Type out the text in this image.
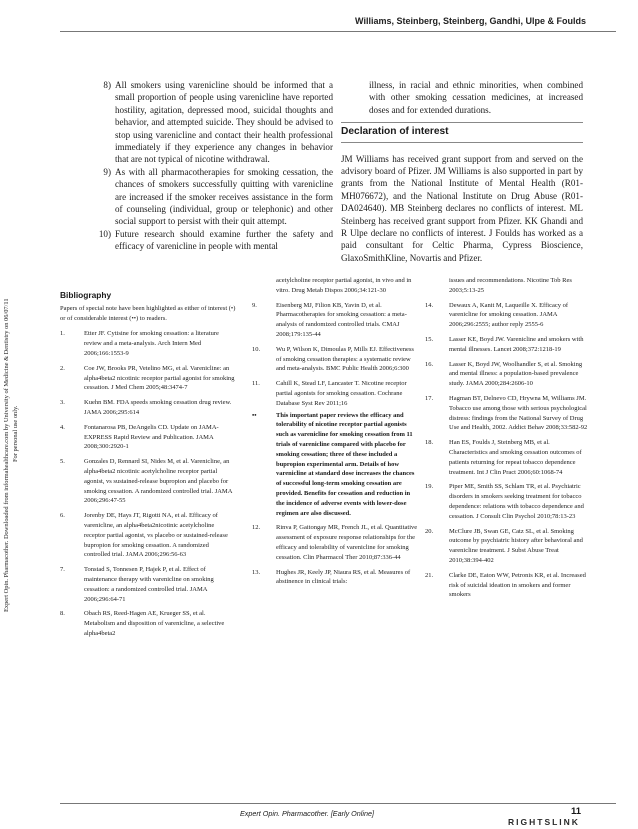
Williams, Steinberg, Steinberg, Gandhi, Ulpe & Foulds
Expert Opin. Pharmacother. Downloaded from informahealthcare.com by University of Medicine & Dentistry on 06/07/11 For personal use only.
8) All smokers using varenicline should be informed that a small proportion of people using varenicline have reported hostility, agitation, depressed mood, suicidal thoughts and behavior, and attempted suicide. They should be advised to stop using varenicline and contact their health professional immediately if they experience any changes in behavior that are not typical of nicotine withdrawal.
9) As with all pharmacotherapies for smoking cessation, the chances of smokers successfully quitting with varenicline are increased if the smoker receives assistance in the form of counseling (individual, group or telephonic) and other social support to persist with their quit attempt.
10) Future research should examine further the safety and efficacy of varenicline in people with mental
illness, in racial and ethnic minorities, when combined with other smoking cessation medicines, at increased doses and for extended durations.
Declaration of interest
JM Williams has received grant support from and served on the advisory board of Pfizer. JM Williams is also supported in part by grants from the National Institute of Mental Health (R01- MH076672), and the National Institute on Drug Abuse (R01-DA024640). MB Steinberg declares no conflicts of interest. ML Steinberg has received grant support from Pfizer. KK Ghandi and R Ulpe declare no conflicts of interest. J Foulds has worked as a paid consultant for Celtic Pharma, Cypress Bioscience, GlaxoSmithKline, Novartis and Pfizer.
Bibliography
Papers of special note have been highlighted as either of interest (•) or of considerable interest (••) to readers.
1.	Etter JF. Cytisine for smoking cessation: a literature review and a meta-analysis. Arch Intern Med 2006;166:1553-9
2.	Coe JW, Brooks PR, Vetelino MG, et al. Varenicline: an alpha4beta2 nicotinic receptor partial agonist for smoking cessation. J Med Chem 2005;48:3474-7
3.	Kuehn BM. FDA speeds smoking cessation drug review. JAMA 2006;295:614
4.	Fontanarosa PB, DeAngelis CD. Update on JAMA-EXPRESS Rapid Review and Publication. JAMA 2008;300:2920-1
5.	Gonzales D, Rennard SI, Nides M, et al. Varenicline, an alpha4beta2 nicotinic acetylcholine receptor partial agonist, vs sustained-release bupropion and placebo for smoking cessation. A randomized controlled trial. JAMA 2006;296:47-55
6.	Jorenby DE, Hays JT, Rigotti NA, et al. Efficacy of varenicline, an alpha4beta2nicotinic acetylcholine receptor partial agonist, vs placebo or sustained-release bupropion for smoking cessation. A randomized controlled trial. JAMA 2006;296:56-63
7.	Tonstad S, Tonnesen P, Hajek P, et al. Effect of maintenance therapy with varenicline on smoking cessation: a randomized controlled trial. JAMA 2006;296:64-71
8.	Obach RS, Reed-Hagen AE, Krueger SS, et al. Metabolism and disposition of varenicline, a selective alpha4beta2
acetylcholine receptor partial agonist, in vivo and in vitro. Drug Metab Dispos 2006;34:121-30
9.	Eisenberg MJ, Filion KB, Yavin D, et al. Pharmacotherapies for smoking cessation: a meta-analysis of randomized controlled trials. CMAJ 2008;179:135-44
10.	Wu P, Wilson K, Dimoulas P, Mills EJ. Effectiveness of smoking cessation therapies: a systematic review and meta-analysis. BMC Public Health 2006;6:300
11.	Cahill K, Stead LF, Lancaster T. Nicotine receptor partial agonists for smoking cessation. Cochrane Database Syst Rev 2011;16
••	This important paper reviews the efficacy and tolerability of nicotine receptor partial agonists such as varenicline for smoking cessation from 11 trials of varenicline compared with placebo for smoking cessation; three of these included a bupropion experimental arm. Details of how varenicline at standard dose increases the chances of successful long-term smoking cessation are provided. Benefits for cessation and reduction in the incidence of adverse events with lower-dose regimen are also discussed.
12.	Rinva P, Gaitongay MR, French JL, et al. Quantitative assessment of exposure response relationships for the efficacy and tolerability of varenicline for smoking cessation. Clin Pharmacol Ther 2010;87:336-44
13.	Hughes JR, Keely JP, Niaura RS, et al. Measures of abstinence in clinical trials:
issues and recommendations. Nicotine Tob Res 2003;5:13-25
14.	Dewaux A, Kanit M, Laqueille X. Efficacy of varenicline for smoking cessation. JAMA 2006;296:2555; author reply 2555-6
15.	Lasser KE, Boyd JW. Varenicline and smokers with mental illnesses. Lancet 2008;372:1218-19
16.	Lasser K, Boyd JW, Woolhandler S, et al. Smoking and mental illness: a population-based prevalence study. JAMA 2000;284:2606-10
17.	Hagman BT, Delnevo CD, Hrywna M, Williams JM. Tobacco use among those with serious psychological distress: findings from the National Survey of Drug Use and Health, 2002. Addict Behav 2008;33:582-92
18.	Han ES, Foulds J, Steinberg MB, et al. Characteristics and smoking cessation outcomes of patients returning for repeat tobacco dependence treatment. Int J Clin Pract 2006;60:1068-74
19.	Piper ME, Smith SS, Schlam TR, et al. Psychiatric disorders in smokers seeking treatment for tobacco dependence: relations with tobacco dependence and cessation. J Consult Clin Psychol 2010;78:13-23
20.	McClure JB, Swan GE, Catz SL, et al. Smoking outcome by psychiatric history after behavioral and varenicline treatment. J Subst Abuse Treat 2010;38:394-402
21.	Clarke DE, Eaton WW, Petronis KR, et al. Increased risk of suicidal ideation in smokers and former smokers
Expert Opin. Pharmacother. [Early Online]	11
RIGHTSLINK
